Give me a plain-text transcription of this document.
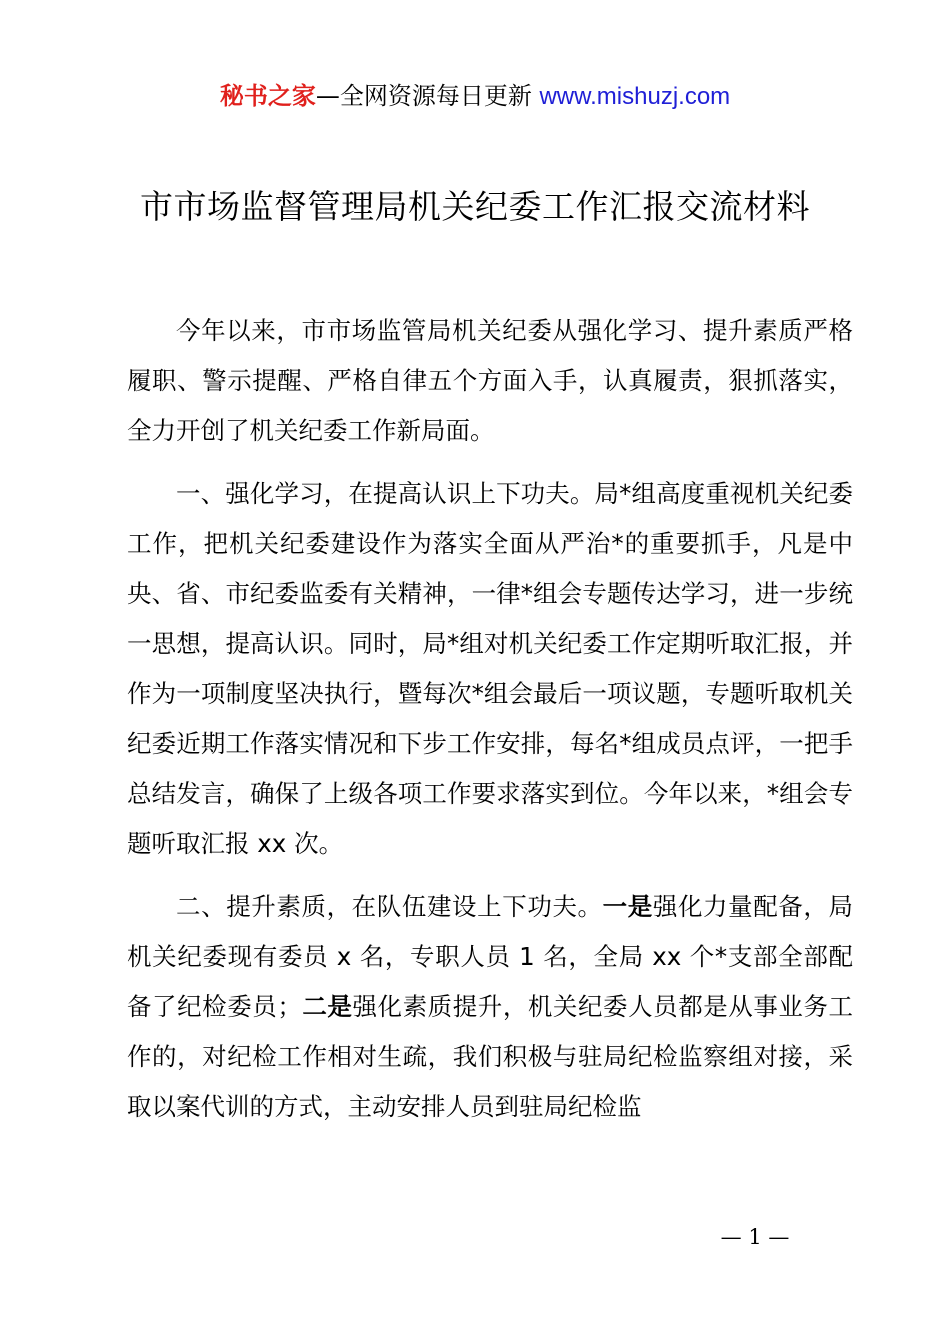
秘书之家—全网资源每日更新 www.mishuzj.com
市市场监督管理局机关纪委工作汇报交流材料

今年以来，市市场监管局机关纪委从强化学习、提升素质严格履职、警示提醒、严格自律五个方面入手，认真履责，狠抓落实，全力开创了机关纪委工作新局面。

一、强化学习，在提高认识上下功夫。局*组高度重视机关纪委工作，把机关纪委建设作为落实全面从严治*的重要抓手，凡是中央、省、市纪委监委有关精神，一律*组会专题传达学习，进一步统一思想，提高认识。同时，局*组对机关纪委工作定期听取汇报，并作为一项制度坚决执行，暨每次*组会最后一项议题，专题听取机关纪委近期工作落实情况和下步工作安排，每名*组成员点评，一把手总结发言，确保了上级各项工作要求落实到位。今年以来，*组会专题听取汇报 xx 次。

二、提升素质，在队伍建设上下功夫。一是强化力量配备，局机关纪委现有委员 x 名，专职人员 1 名，全局 xx 个*支部全部配备了纪检委员；二是强化素质提升，机关纪委人员都是从事业务工作的，对纪检工作相对生疏，我们积极与驻局纪检监察组对接，采取以案代训的方式，主动安排人员到驻局纪检监

— 1 —
